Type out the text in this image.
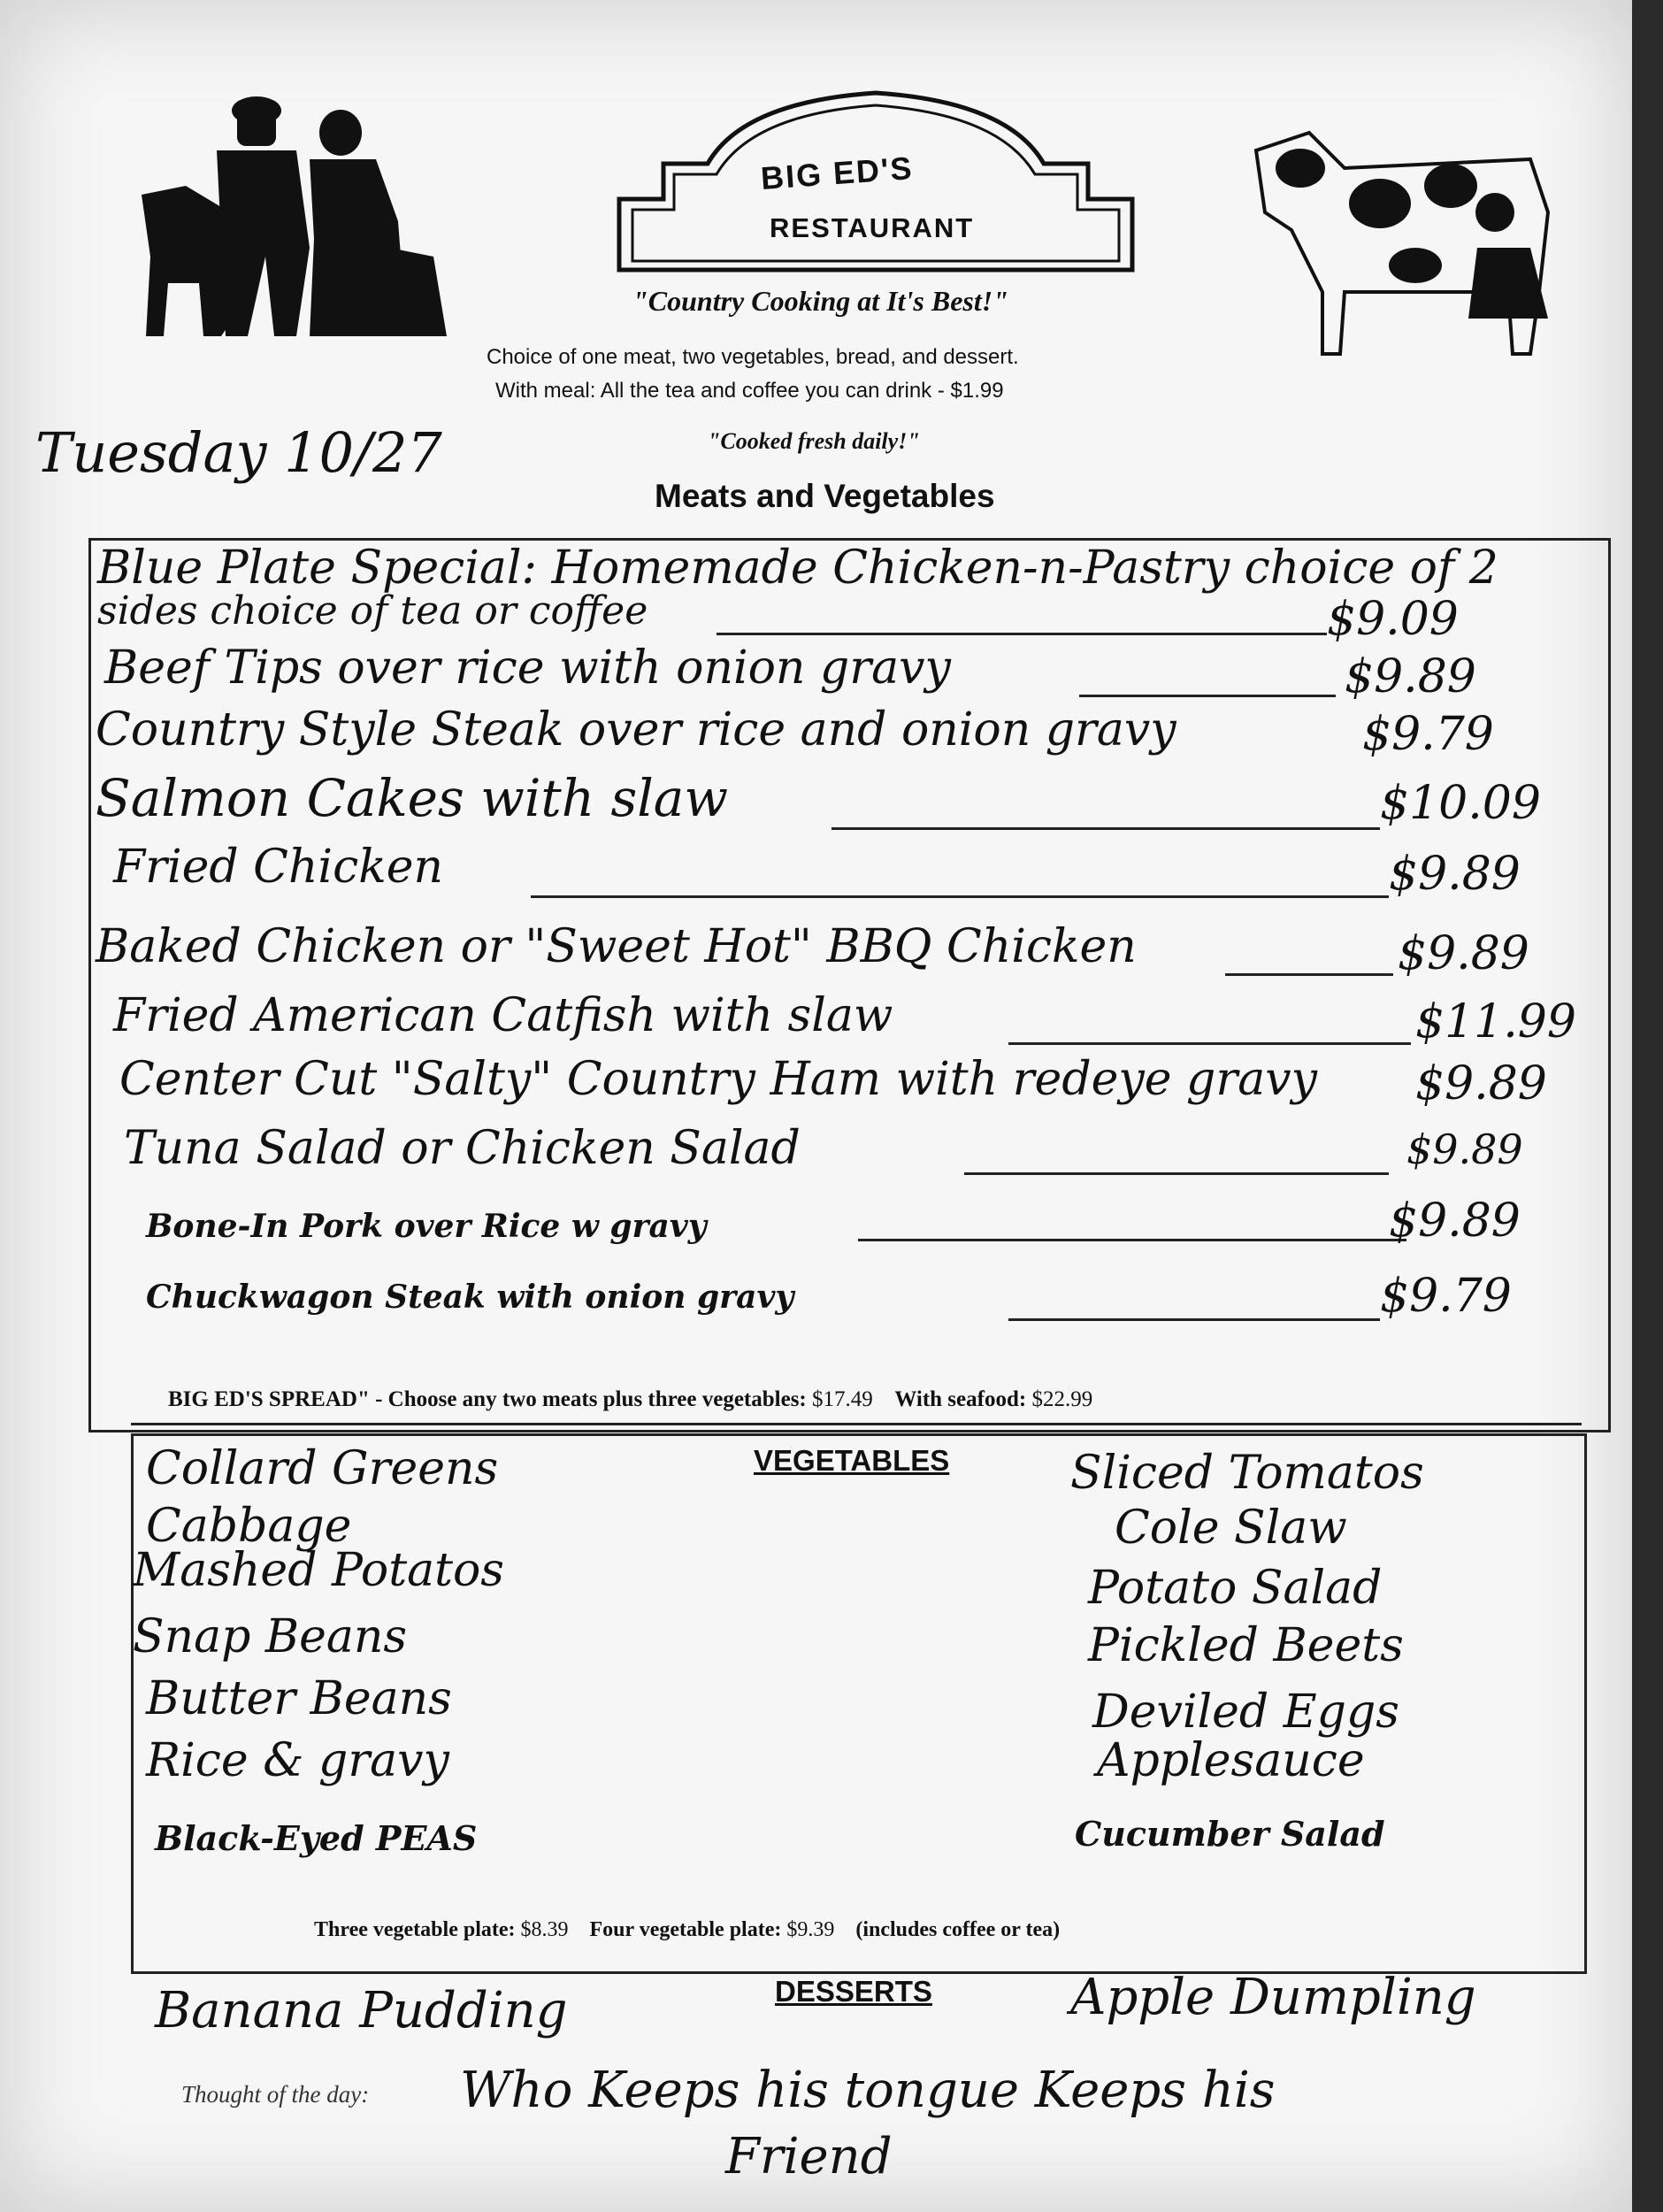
BIG ED'S
RESTAURANT
"Country Cooking at It's Best!"
Choice of one meat, two vegetables, bread, and dessert.
With meal: All the tea and coffee you can drink - $1.99
"Cooked fresh daily!"
Tuesday 10/27
Meats and Vegetables
Blue Plate Special: Homemade Chicken-n-Pastry choice of 2
sides choice of tea or coffee	$9.09
Beef Tips over rice with onion gravy	$9.89
Country Style Steak over rice and onion gravy	$9.79
Salmon Cakes with slaw	$10.09
Fried Chicken	$9.89
Baked Chicken or "Sweet Hot" BBQ Chicken	$9.89
Fried American Catfish with slaw	$11.99
Center Cut "Salty" Country Ham with redeye gravy $9.89
Tuna Salad or Chicken Salad	$9.89
Bone-In Pork over Rice w gravy	$9.89
Chuckwagon Steak with onion gravy	$9.79
BIG ED'S SPREAD" - Choose any two meats plus three vegetables: $17.49 With seafood: $22.99
VEGETABLES
Collard Greens
Cabbage
Mashed Potatos
Snap Beans
Butter Beans
Rice & gravy
Black-Eyed PEAS
Sliced Tomatos
Cole Slaw
Potato Salad
Pickled Beets
Deviled Eggs
Applesauce
Cucumber Salad
Three vegetable plate: $8.39 Four vegetable plate: $9.39 (includes coffee or tea)
DESSERTS
Banana Pudding	Apple Dumpling
Thought of the day: Who Keeps his tongue Keeps his
Friend
